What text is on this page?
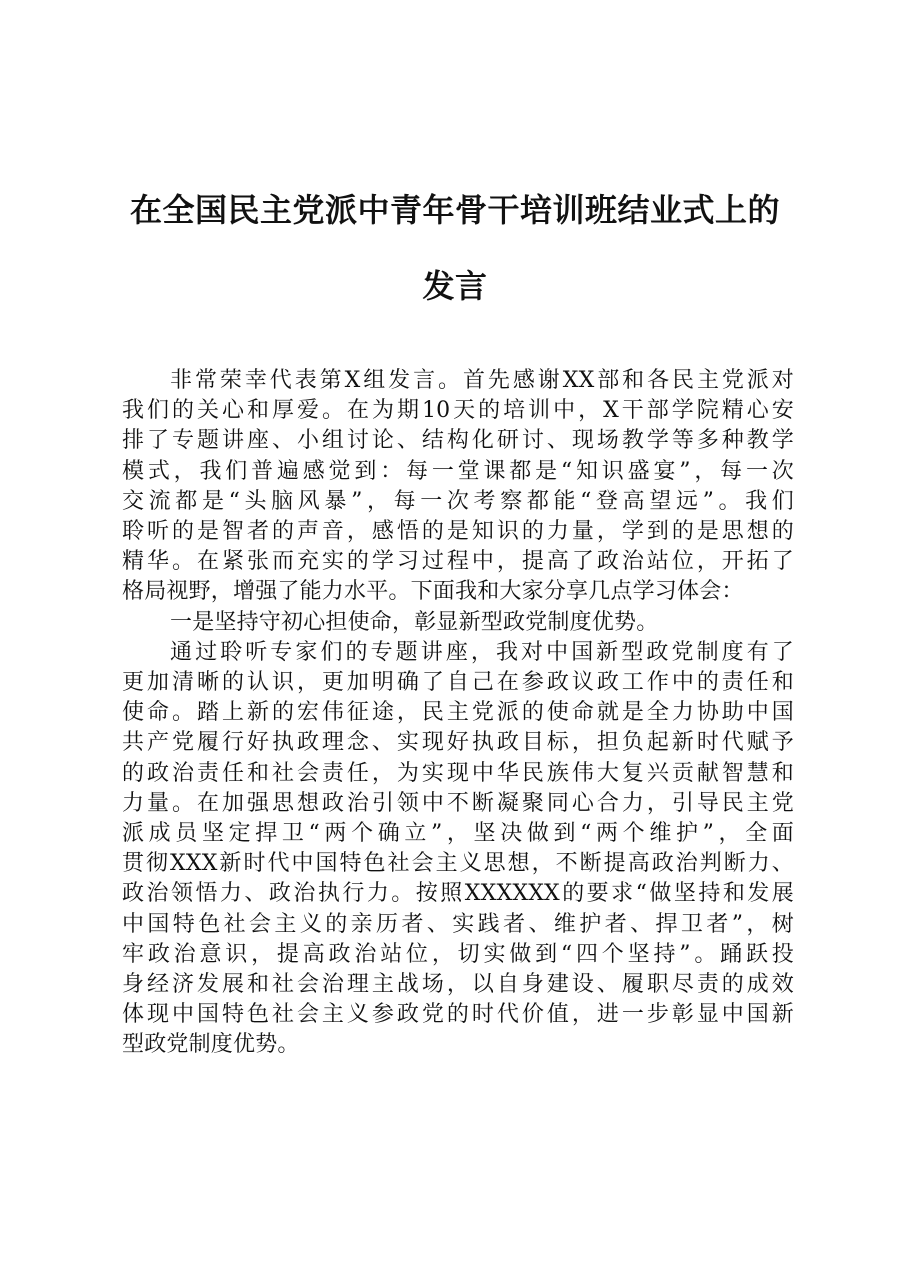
在全国民主党派中青年骨干培训班结业式上的
发言
非常荣幸代表第X组发言。首先感谢XX部和各民主党派对
我们的关心和厚爱。在为期10天的培训中，X干部学院精心安
排了专题讲座、小组讨论、结构化研讨、现场教学等多种教学
模式，我们普遍感觉到：每一堂课都是“知识盛宴”，每一次
交流都是“头脑风暴”，每一次考察都能“登高望远”。我们
聆听的是智者的声音，感悟的是知识的力量，学到的是思想的
精华。在紧张而充实的学习过程中，提高了政治站位，开拓了
格局视野，增强了能力水平。下面我和大家分享几点学习体会：
一是坚持守初心担使命，彰显新型政党制度优势。
通过聆听专家们的专题讲座，我对中国新型政党制度有了
更加清晰的认识，更加明确了自己在参政议政工作中的责任和
使命。踏上新的宏伟征途，民主党派的使命就是全力协助中国
共产党履行好执政理念、实现好执政目标，担负起新时代赋予
的政治责任和社会责任，为实现中华民族伟大复兴贡献智慧和
力量。在加强思想政治引领中不断凝聚同心合力，引导民主党
派成员坚定捍卫“两个确立”，坚决做到“两个维护”，全面
贯彻XXX新时代中国特色社会主义思想，不断提高政治判断力、
政治领悟力、政治执行力。按照XXXXXX的要求“做坚持和发展
中国特色社会主义的亲历者、实践者、维护者、捍卫者”，树
牢政治意识，提高政治站位，切实做到“四个坚持”。踊跃投
身经济发展和社会治理主战场，以自身建设、履职尽责的成效
体现中国特色社会主义参政党的时代价值，进一步彰显中国新
型政党制度优势。
